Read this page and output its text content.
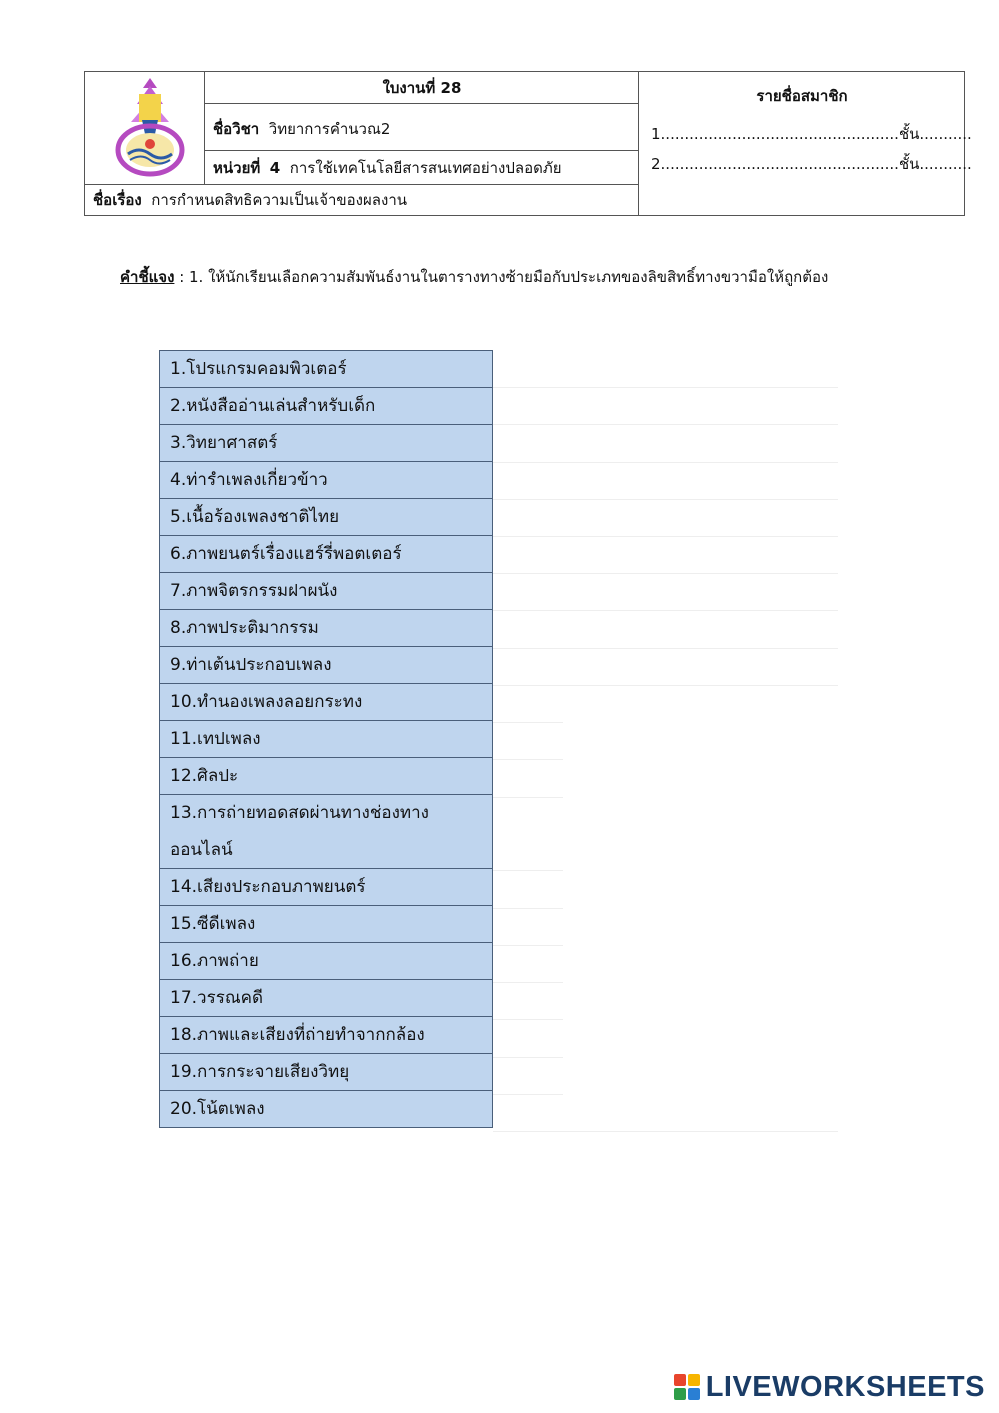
ใบงานที่ 28
ชื่อวิชา วิทยาการคำนวณ2
หน่วยที่ 4 การใช้เทคโนโลยีสารสนเทศอย่างปลอดภัย
ชื่อเรื่อง การกำหนดสิทธิความเป็นเจ้าของผลงาน
รายชื่อสมาชิก
1..................................................ชั้น...........
2..................................................ชั้น...........
คำชี้แจง : 1. ให้นักเรียนเลือกความสัมพันธ์งานในตารางทางซ้ายมือกับประเภทของลิขสิทธิ์ทางขวามือให้ถูกต้อง
1.โปรแกรมคอมพิวเตอร์
2.หนังสืออ่านเล่นสำหรับเด็ก
3.วิทยาศาสตร์
4.ท่ารำเพลงเกี่ยวข้าว
5.เนื้อร้องเพลงชาติไทย
6.ภาพยนตร์เรื่องแฮร์รี่พอตเตอร์
7.ภาพจิตรกรรมฝาผนัง
8.ภาพประติมากรรม
9.ท่าเต้นประกอบเพลง
10.ทำนองเพลงลอยกระทง
11.เทปเพลง
12.ศิลปะ
13.การถ่ายทอดสดผ่านทางช่องทางออนไลน์
14.เสียงประกอบภาพยนตร์
15.ซีดีเพลง
16.ภาพถ่าย
17.วรรณคดี
18.ภาพและเสียงที่ถ่ายทำจากกล้อง
19.การกระจายเสียงวิทยุ
20.โน้ตเพลง
LIVEWORKSHEETS
